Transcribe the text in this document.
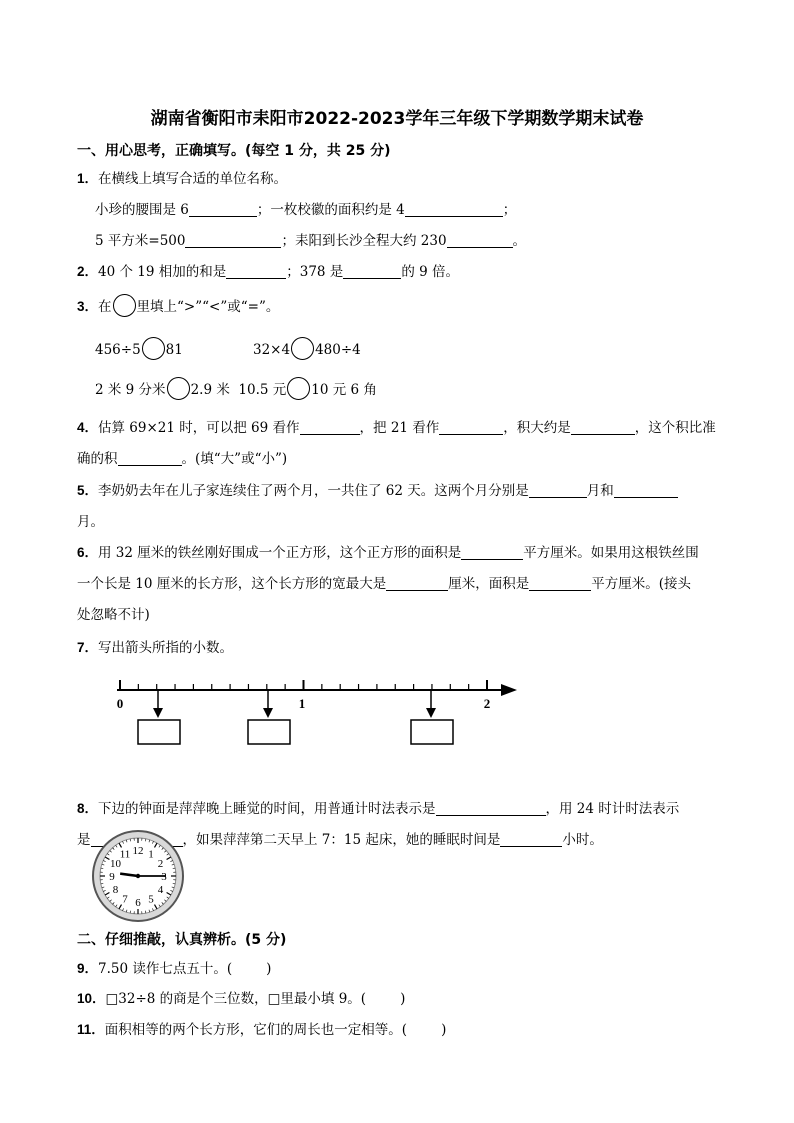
湖南省衡阳市耒阳市2022-2023学年三年级下学期数学期末试卷
一、用心思考，正确填写。(每空 1 分，共 25 分)
1．在横线上填写合适的单位名称。
小珍的腰围是 6	；一枚校徽的面积约是 4	；
5 平方米=500	；耒阳到长沙全程大约 230	。
2．40 个 19 相加的和是	；378 是	的 9 倍。
3．在 里填上“>”“<”或“=”。
456÷5 81	32×4 480÷4
2 米 9 分米 2.9 米 10.5 元 10 元 6 角
4．估算 69×21 时，可以把 69 看作	，把 21 看作	，积大约是	，这个积比准
确的积	。(填“大”或“小”)
5．李奶奶去年在儿子家连续住了两个月，一共住了 62 天。这两个月分别是	月和
月。
6．用 32 厘米的铁丝刚好围成一个正方形，这个正方形的面积是	平方厘米。如果用这根铁丝围
一个长是 10 厘米的长方形，这个长方形的宽最大是	厘米，面积是	平方厘米。(接头
处忽略不计)
7．写出箭头所指的小数。
0	1	2
8．下边的钟面是萍萍晚上睡觉的时间，用普通计时法表示是	，用 24 时计时法表示
是	，如果萍萍第二天早上 7：15 起床，她的睡眠时间是	小时。
12 1
2
3
4
5
6
7
8
9
10
11
二、仔细推敲，认真辨析。(5 分)
9．7.50 读作七点五十。(	)
10．□32÷8 的商是个三位数，□里最小填 9。(	)
11．面积相等的两个长方形，它们的周长也一定相等。(	)
